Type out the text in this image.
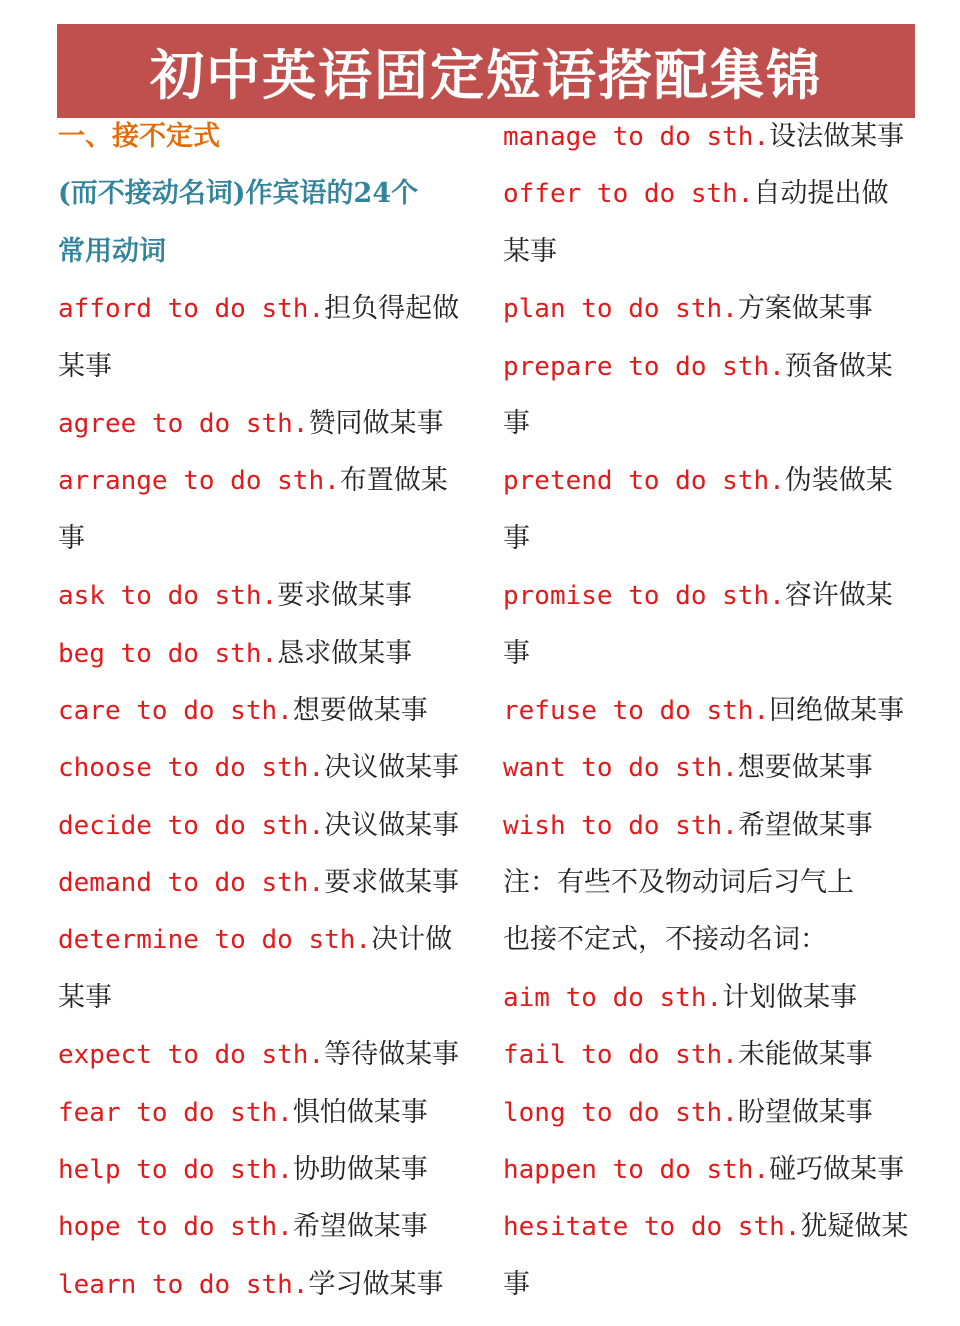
初中英语固定短语搭配集锦
一、接不定式
(而不接动名词)作宾语的24个
常用动词
afford to do sth.担负得起做
某事
agree to do sth.赞同做某事
arrange to do sth.布置做某
事
ask to do sth.要求做某事
beg to do sth.恳求做某事
care to do sth.想要做某事
choose to do sth.决议做某事
decide to do sth.决议做某事
demand to do sth.要求做某事
determine to do sth.决计做
某事
expect to do sth.等待做某事
fear to do sth.惧怕做某事
help to do sth.协助做某事
hope to do sth.希望做某事
learn to do sth.学习做某事
manage to do sth.设法做某事
offer to do sth.自动提出做
某事
plan to do sth.方案做某事
prepare to do sth.预备做某
事
pretend to do sth.伪装做某
事
promise to do sth.容许做某
事
refuse to do sth.回绝做某事
want to do sth.想要做某事
wish to do sth.希望做某事
注：有些不及物动词后习气上
也接不定式，不接动名词：
aim to do sth.计划做某事
fail to do sth.未能做某事
long to do sth.盼望做某事
happen to do sth.碰巧做某事
hesitate to do sth.犹疑做某
事
